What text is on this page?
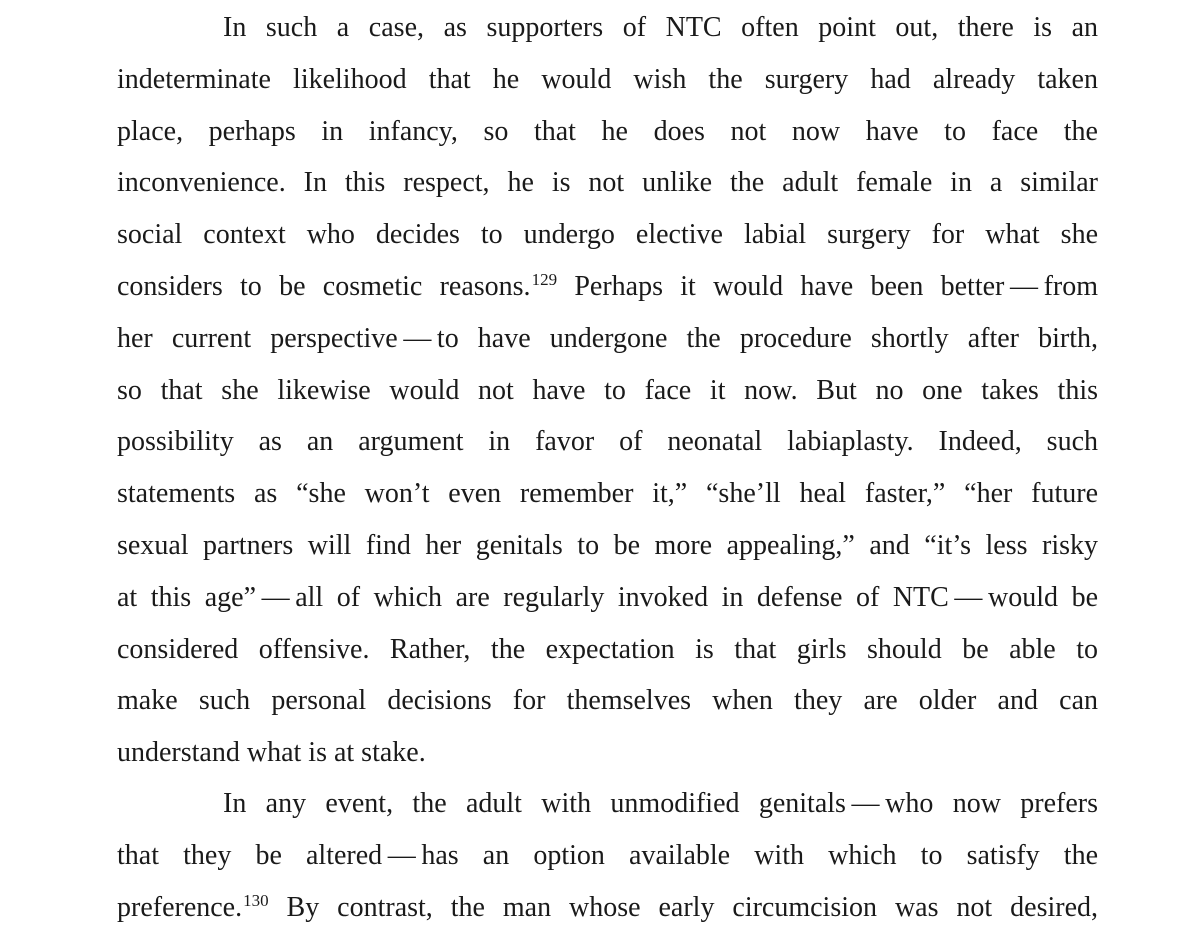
In such a case, as supporters of NTC often point out, there is an
indeterminate likelihood that he would wish the surgery had already taken
place, perhaps in infancy, so that he does not now have to face the
inconvenience. In this respect, he is not unlike the adult female in a similar
social context who decides to undergo elective labial surgery for what she
considers to be cosmetic reasons.$^{129}$ Perhaps it would have been better — from
her current perspective — to have undergone the procedure shortly after birth,
so that she likewise would not have to face it now. But no one takes this
possibility as an argument in favor of neonatal labiaplasty. Indeed, such
statements as “she won’t even remember it,” “she’ll heal faster,” “her future
sexual partners will find her genitals to be more appealing,” and “it’s less risky
at this age” — all of which are regularly invoked in defense of NTC — would be
considered offensive. Rather, the expectation is that girls should be able to
make such personal decisions for themselves when they are older and can
understand what is at stake.
In any event, the adult with unmodified genitals — who now prefers
that they be altered — has an option available with which to satisfy the
preference.$^{130}$ By contrast, the man whose early circumcision was not desired,
